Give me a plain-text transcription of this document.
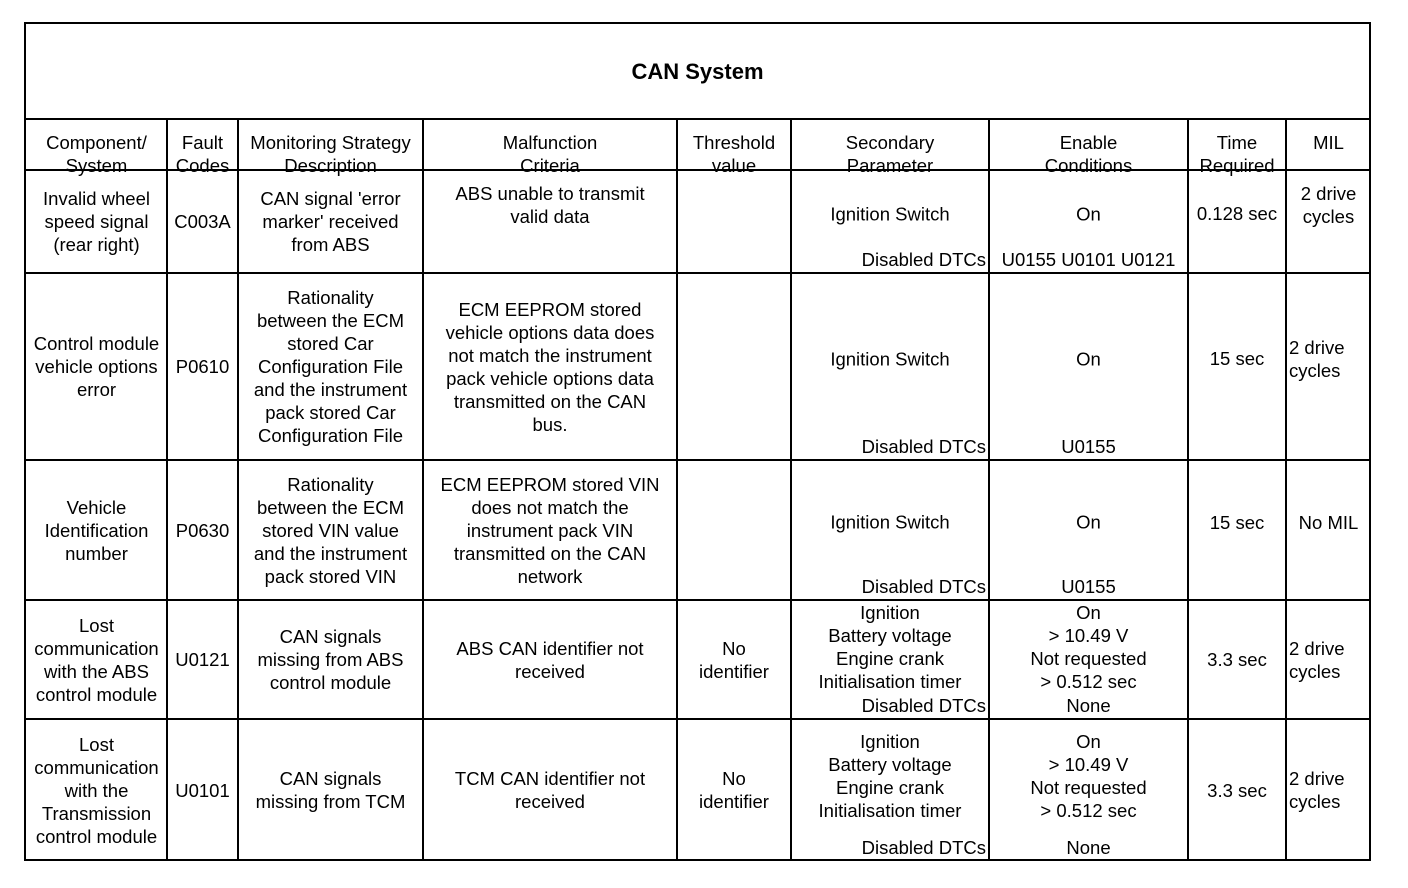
CAN System
Component/
System
Fault
Codes
Monitoring Strategy
Description
Malfunction
Criteria
Threshold
value
Secondary
Parameter
Enable
Conditions
Time
Required
MIL
Invalid wheel
speed signal
(rear right)
C003A
CAN signal 'error
marker' received
from ABS
ABS unable to transmit
valid data	Ignition Switch
Disabled DTCs
On
U0155 U0101 U0121
0.128 sec
2 drive
cycles
Control module
vehicle options
error
P0610
Rationality
between the ECM
stored Car
Configuration File
and the instrument
pack stored Car
Configuration File
ECM EEPROM stored
vehicle options data does
not match the instrument
pack vehicle options data
transmitted on the CAN
bus.
Ignition Switch
Disabled DTCs
On
U0155
15 sec
2 drive
cycles
Vehicle
Identification
number
P0630
Rationality
between the ECM
stored VIN value
and the instrument
pack stored VIN
ECM EEPROM stored VIN
does not match the
instrument pack VIN
transmitted on the CAN
network
Ignition Switch
Disabled DTCs
On
U0155
15 sec No MIL
Lost
communication
with the ABS
control module
U0121
CAN signals
missing from ABS
control module
ABS CAN identifier not
received
No
identifier
Ignition
Battery voltage
Engine crank
Initialisation timer
Disabled DTCs
On
> 10.49 V
Not requested
> 0.512 sec
None
3.3 sec
2 drive
cycles
Lost
communication
with the
Transmission
control module
U0101
CAN signals
missing from TCM
TCM CAN identifier not
received
No
identifier
Ignition
Battery voltage
Engine crank
Initialisation timer
Disabled DTCs
On
> 10.49 V
Not requested
> 0.512 sec
None
3.3 sec
2 drive
cycles
